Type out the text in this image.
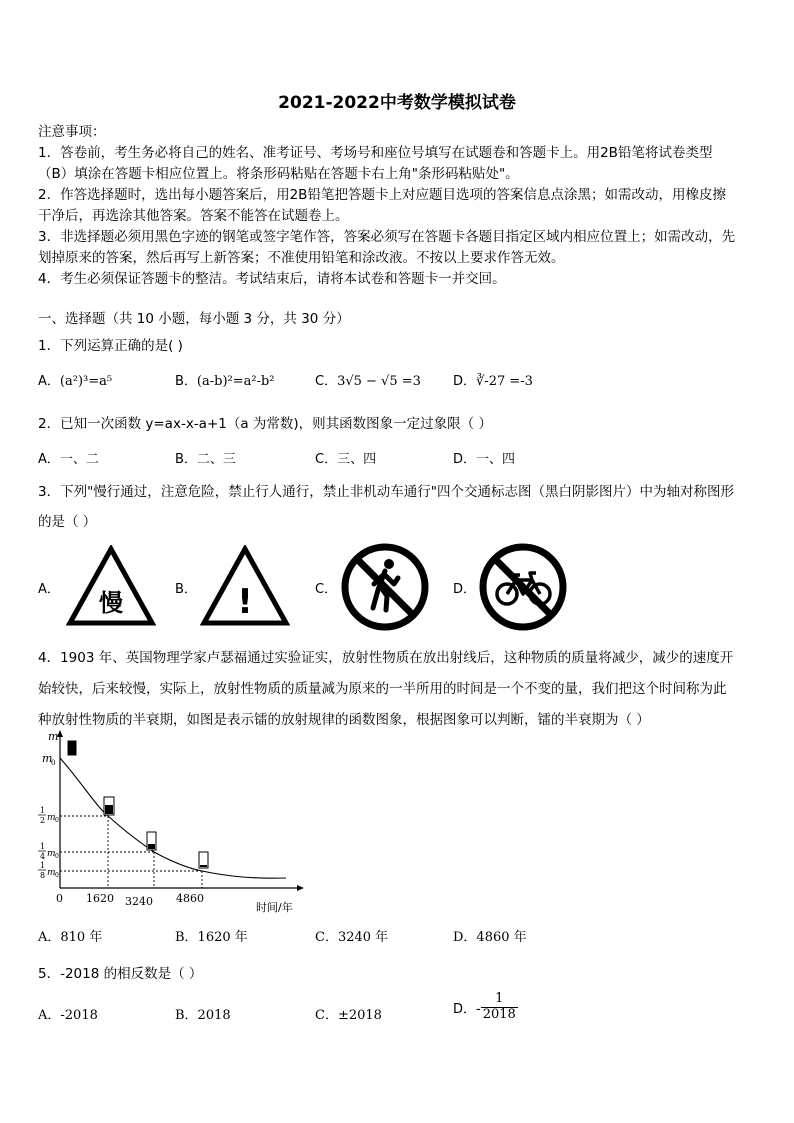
2021-2022中考数学模拟试卷
注意事项：
1．答卷前，考生务必将自己的姓名、准考证号、考场号和座位号填写在试题卷和答题卡上。用2B铅笔将试卷类型
（B）填涂在答题卡相应位置上。将条形码粘贴在答题卡右上角"条形码粘贴处"。
2．作答选择题时，选出每小题答案后，用2B铅笔把答题卡上对应题目选项的答案信息点涂黑；如需改动，用橡皮擦
干净后，再选涂其他答案。答案不能答在试题卷上。
3．非选择题必须用黑色字迹的钢笔或签字笔作答，答案必须写在答题卡各题目指定区域内相应位置上；如需改动，先
划掉原来的答案，然后再写上新答案；不准使用铅笔和涂改液。不按以上要求作答无效。
4．考生必须保证答题卡的整洁。考试结束后，请将本试卷和答题卡一并交回。
一、选择题（共 10 小题，每小题 3 分，共 30 分）
1．下列运算正确的是( )
A．(a²)³=a⁵	B．(a-b)²=a²-b²	C．3√5 − √5 =3 D．∛-27 =-3
2．已知一次函数 y=ax-x-a+1（a 为常数)，则其函数图象一定过象限（ ）
A．一、二	B．二、三	C．三、四	D．一、四
3．下列"慢行通过，注意危险，禁止行人通行，禁止非机动车通行"四个交通标志图（黑白阴影图片）中为轴对称图形
的是（ ）
A． 慢	B． !	C．	D．
4．1903 年、英国物理学家卢瑟福通过实验证实，放射性物质在放出射线后，这种物质的质量将减少，减少的速度开
始较快，后来较慢，实际上，放射性物质的质量减为原来的一半所用的时间是一个不变的量，我们把这个时间称为此
种放射性物质的半衰期，如图是表示镭的放射规律的函数图象，根据图象可以判断，镭的半衰期为（ ）
m
m
0
1
2 m 0
1
4 m 0
1
8 m 0
0 1620 3240 4860
时间/年
A．810 年	B．1620 年	C．3240 年	D．4860 年
5．-2018 的相反数是（ ）
A．-2018	B．2018	C．±2018	D．- $\frac{1}{2018}$
